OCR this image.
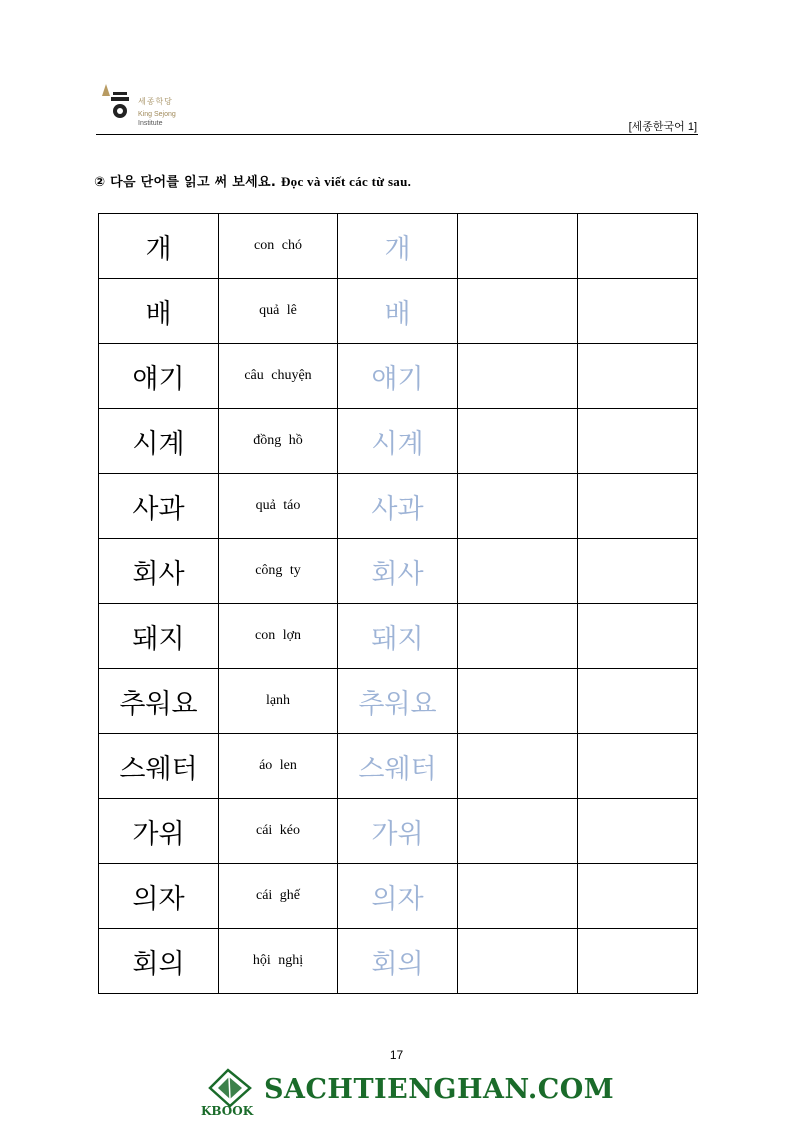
세종학당
King Sejong
Institute	[세종한국어 1]
② 다음 단어를 읽고 써 보세요. Đọc và viết các từ sau.
개	con chó	개		
배	quả lê	배		
얘기	câu chuyện	얘기		
시계	đồng hồ	시계		
사과	quả táo	사과		
회사	công ty	회사		
돼지	con lợn	돼지		
추워요	lạnh	추워요		
스웨터	áo len	스웨터		
가위	cái kéo	가위		
의자	cái ghế	의자		
회의	hội nghị	회의		
17
KBOOK
SACHTIENGHAN.COM
